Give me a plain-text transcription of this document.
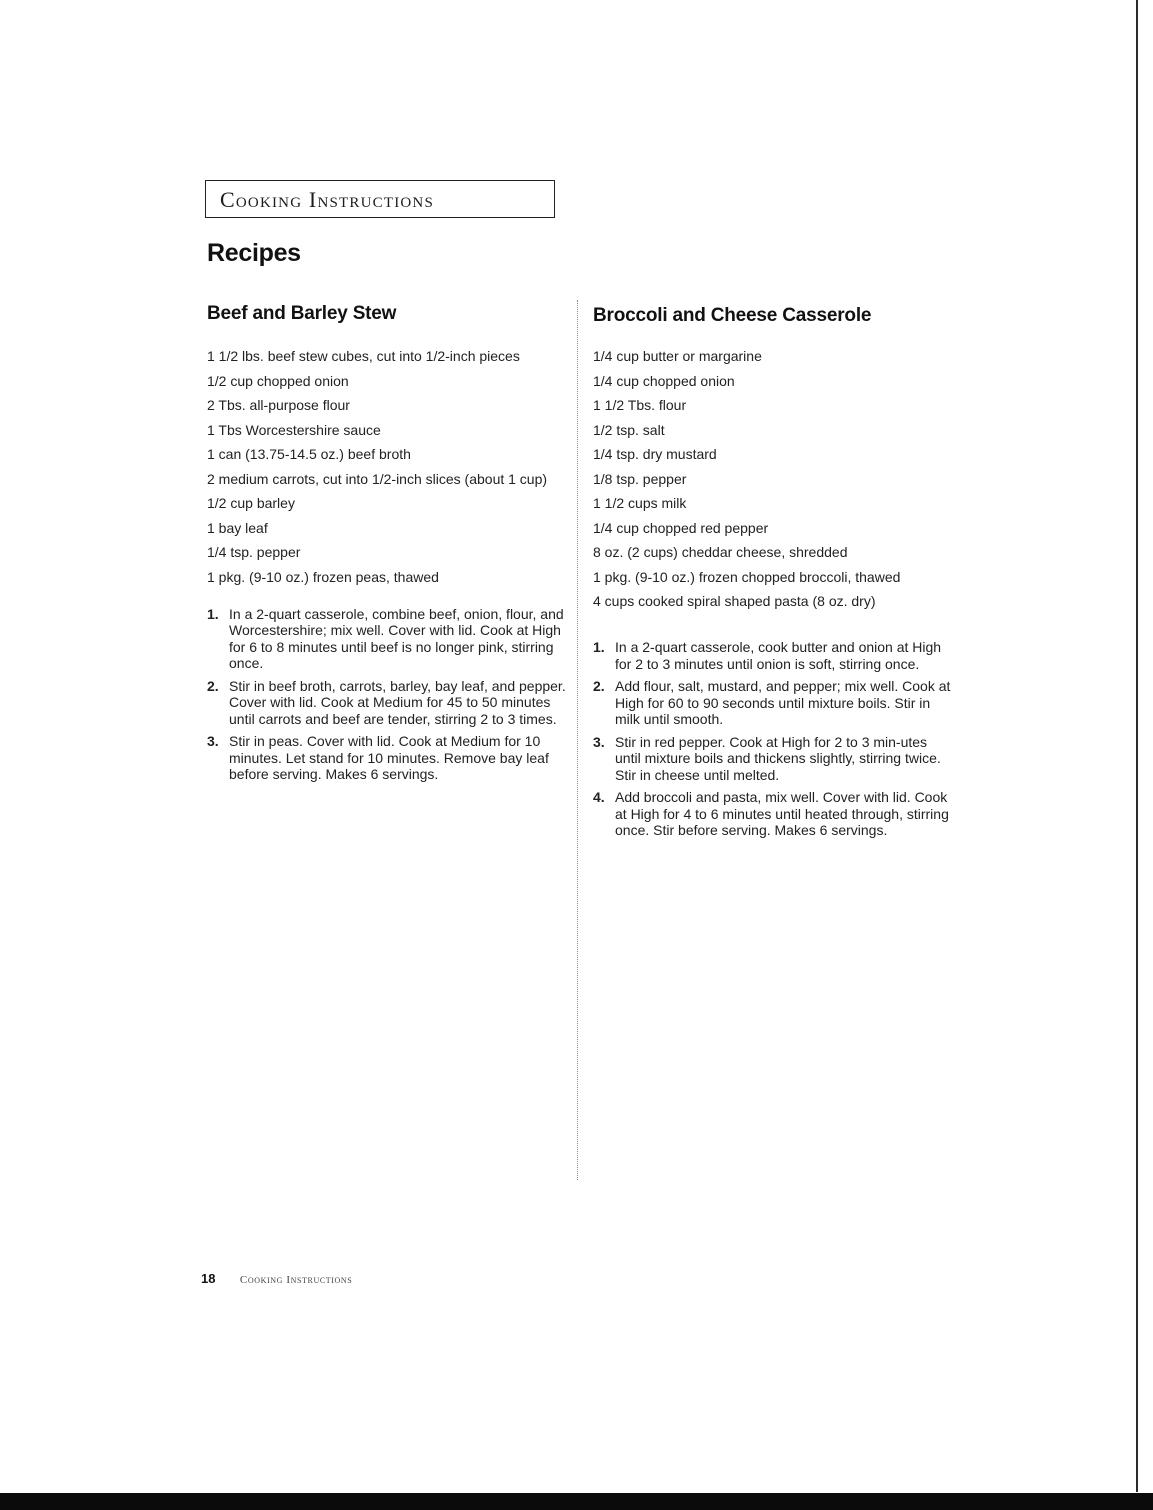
Cooking Instructions
Recipes
Beef and Barley Stew
1 1/2 lbs. beef stew cubes, cut into 1/2-inch pieces
1/2 cup chopped onion
2 Tbs. all-purpose flour
1 Tbs Worcestershire sauce
1 can (13.75-14.5 oz.) beef broth
2 medium carrots, cut into 1/2-inch slices (about 1 cup)
1/2 cup barley
1 bay leaf
1/4 tsp. pepper
1 pkg. (9-10 oz.) frozen peas, thawed
1. In a 2-quart casserole, combine beef, onion, flour, and Worcestershire; mix well. Cover with lid. Cook at High for 6 to 8 minutes until beef is no longer pink, stirring once.
2. Stir in beef broth, carrots, barley, bay leaf, and pepper. Cover with lid. Cook at Medium for 45 to 50 minutes until carrots and beef are tender, stirring 2 to 3 times.
3. Stir in peas. Cover with lid. Cook at Medium for 10 minutes. Let stand for 10 minutes. Remove bay leaf before serving. Makes 6 servings.
Broccoli and Cheese Casserole
1/4 cup butter or margarine
1/4 cup chopped onion
1 1/2 Tbs. flour
1/2 tsp. salt
1/4 tsp. dry mustard
1/8 tsp. pepper
1 1/2 cups milk
1/4 cup chopped red pepper
8 oz. (2 cups) cheddar cheese, shredded
1 pkg. (9-10 oz.) frozen chopped broccoli, thawed
4 cups cooked spiral shaped pasta (8 oz. dry)
1. In a 2-quart casserole, cook butter and onion at High for 2 to 3 minutes until onion is soft, stirring once.
2. Add flour, salt, mustard, and pepper; mix well. Cook at High for 60 to 90 seconds until mixture boils. Stir in milk until smooth.
3. Stir in red pepper. Cook at High for 2 to 3 min-utes until mixture boils and thickens slightly, stirring twice. Stir in cheese until melted.
4. Add broccoli and pasta, mix well. Cover with lid. Cook at High for 4 to 6 minutes until heated through, stirring once. Stir before serving. Makes 6 servings.
18 Cooking Instructions
